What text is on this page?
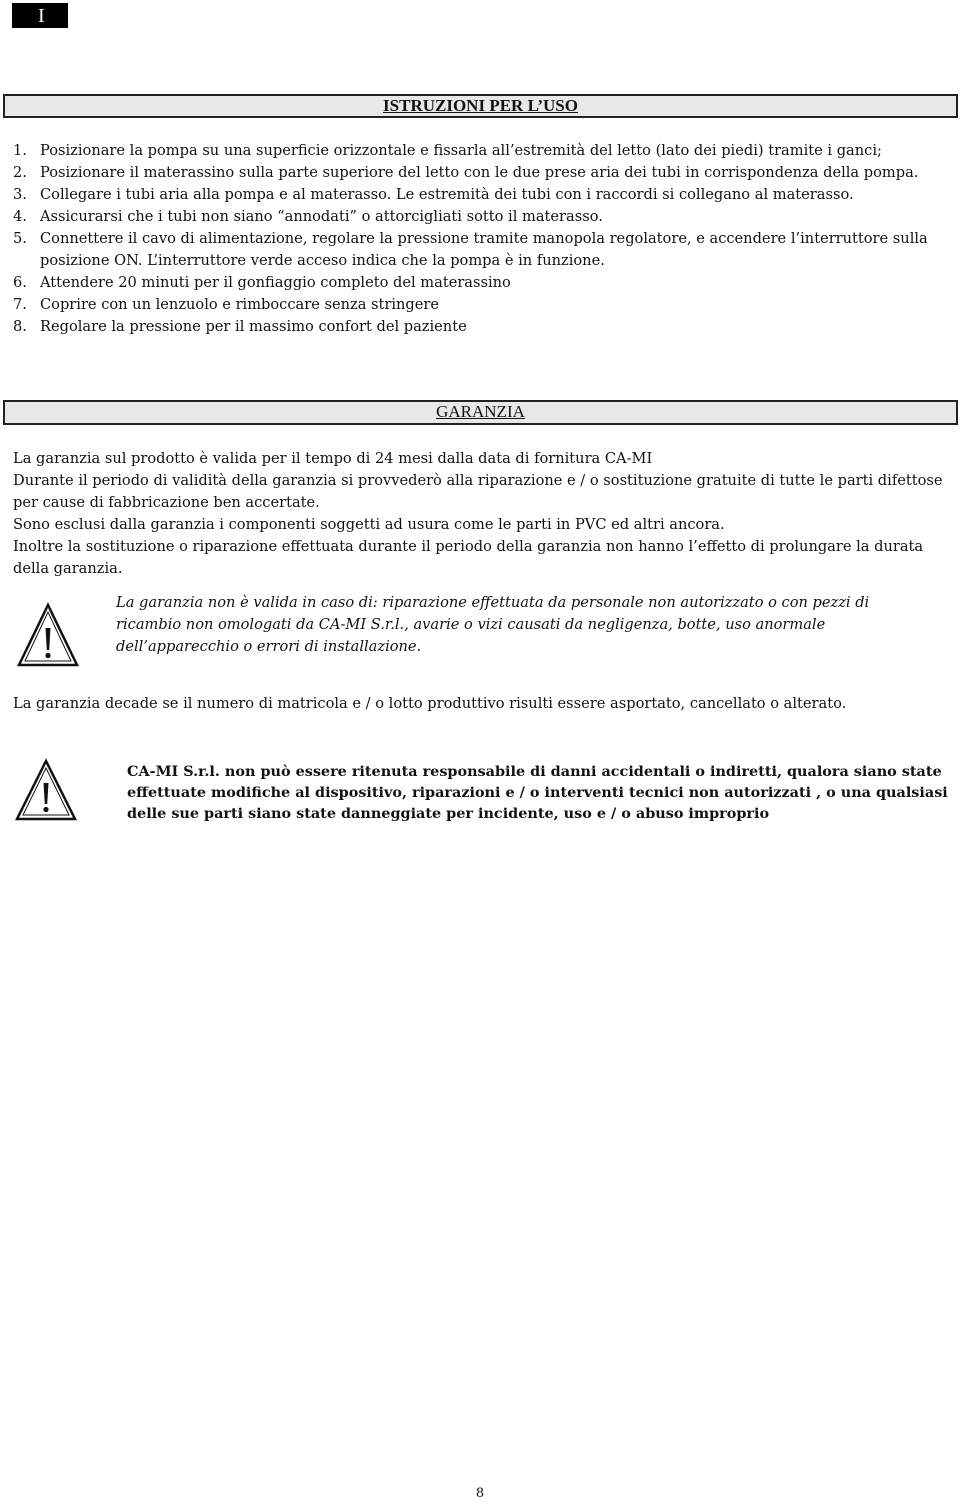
I
ISTRUZIONI PER L’USO
1. Posizionare la pompa su una superficie orizzontale e fissarla all’estremità del letto (lato dei piedi) tramite i ganci;
2. Posizionare il materassino sulla parte superiore del letto con le due prese aria dei tubi in corrispondenza della pompa.
3. Collegare i tubi aria alla pompa e al materasso. Le estremità dei tubi con i raccordi si collegano al materasso.
4. Assicurarsi che i tubi non siano “annodati” o attorcigliati sotto il materasso.
5. Connettere il cavo di alimentazione, regolare la pressione tramite manopola regolatore, e accendere l’interruttore sulla posizione ON. L’interruttore verde acceso indica che la pompa è in funzione.
6. Attendere 20 minuti per il gonfiaggio completo del materassino
7. Coprire con un lenzuolo e rimboccare senza stringere
8. Regolare la pressione per il massimo confort del paziente
GARANZIA
La garanzia sul prodotto è valida per il tempo di 24 mesi dalla data di fornitura CA-MI
Durante il periodo di validità della garanzia si provvederò alla riparazione e / o sostituzione gratuite di tutte le parti difettose per cause di fabbricazione ben accertate.
Sono esclusi dalla garanzia i componenti soggetti ad usura come le parti in PVC ed altri ancora.
Inoltre la sostituzione o riparazione effettuata durante il periodo della garanzia non hanno l’effetto di prolungare la durata della garanzia.
La garanzia non è valida in caso di: riparazione effettuata da personale non autorizzato o con pezzi di ricambio non omologati da CA-MI S.r.l., avarie o vizi causati da negligenza, botte, uso anormale dell’apparecchio o errori di installazione.
La garanzia decade se il numero di matricola e / o lotto produttivo risulti essere asportato, cancellato o alterato.
CA-MI S.r.l. non può essere ritenuta responsabile di danni accidentali o indiretti, qualora siano state effettuate modifiche al dispositivo, riparazioni e / o interventi tecnici non autorizzati , o una qualsiasi delle sue parti siano state danneggiate per incidente, uso e / o abuso improprio
8
